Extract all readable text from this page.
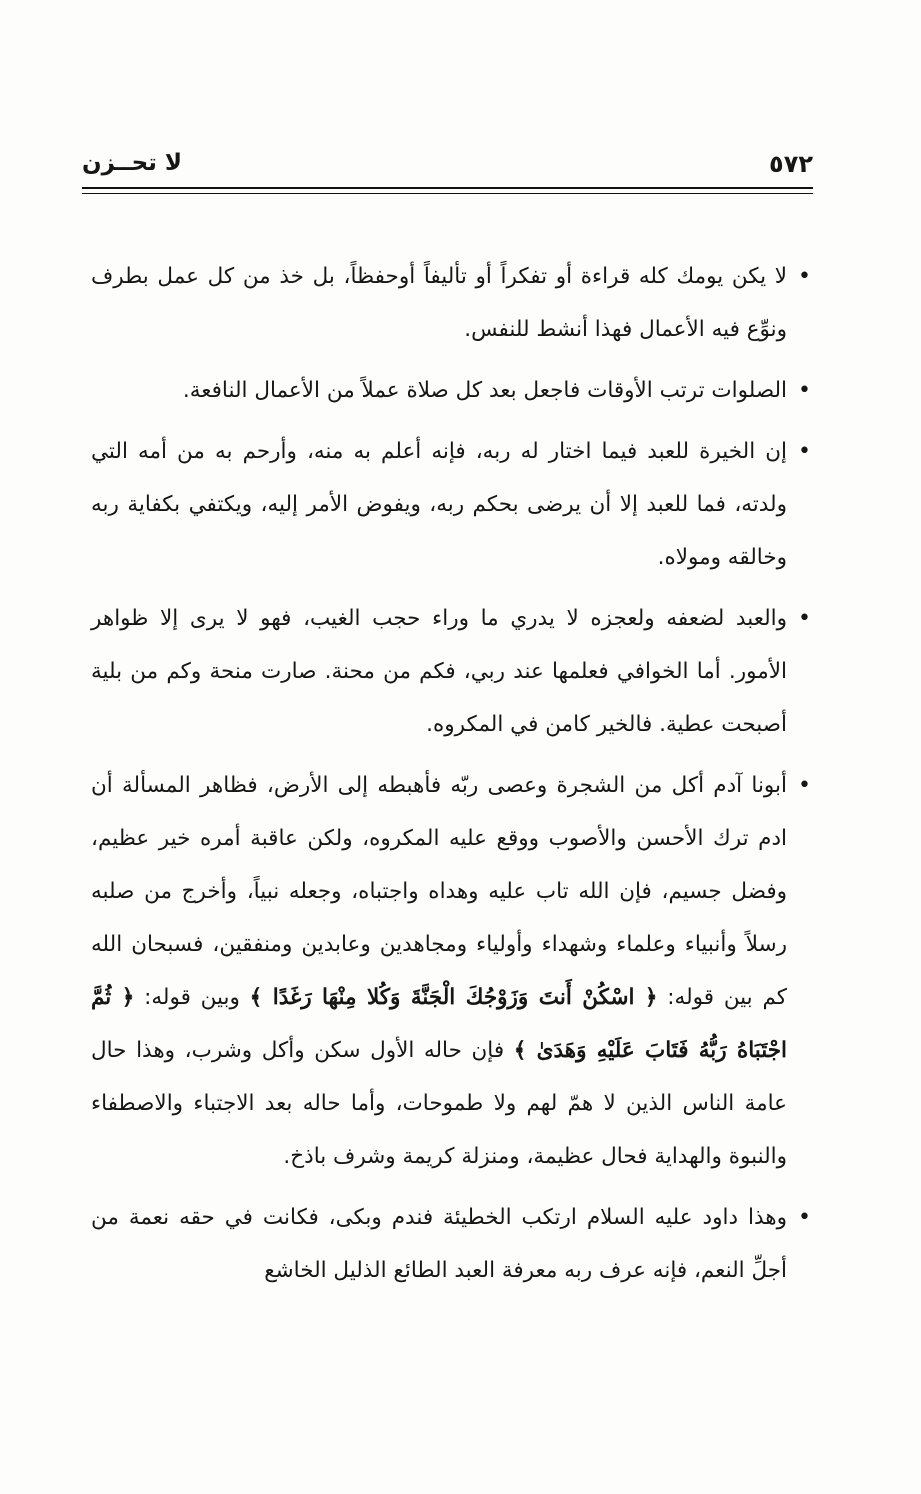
٥٧٢
لا تحــزن

•
لا يكن يومك كله قراءة أو تفكراً أو تأليفاً أوحفظاً، بل خذ من كل عمل بطرف ونوِّع فيه الأعمال فهذا أنشط للنفس.

•
الصلوات ترتب الأوقات فاجعل بعد كل صلاة عملاً من الأعمال النافعة.

•
إن الخيرة للعبد فيما اختار له ربه، فإنه أعلم به منه، وأرحم به من أمه التي ولدته، فما للعبد إلا أن يرضى بحكم ربه، ويفوض الأمر إليه، ويكتفي بكفاية ربه وخالقه ومولاه.

•
والعبد لضعفه ولعجزه لا يدري ما وراء حجب الغيب، فهو لا يرى إلا ظواهر الأمور. أما الخوافي فعلمها عند ربي، فكم من محنة. صارت منحة وكم من بلية أصبحت عطية. فالخير كامن في المكروه.

•
أبونا آدم أكل من الشجرة وعصى ربّه فأهبطه إلى الأرض، فظاهر المسألة أن ادم ترك الأحسن والأصوب ووقع عليه المكروه، ولكن عاقبة أمره خير عظيم، وفضل جسيم، فإن الله تاب عليه وهداه واجتباه، وجعله نبياً، وأخرج من صلبه رسلاً وأنبياء وعلماء وشهداء وأولياء ومجاهدين وعابدين ومنفقين، فسبحان الله كم بين قوله: ﴿ اسْكُنْ أَنتَ وَزَوْجُكَ الْجَنَّةَ وَكُلا مِنْهَا رَغَدًا ﴾ وبين قوله: ﴿ ثُمَّ اجْتَبَاهُ رَبُّهُ فَتَابَ عَلَيْهِ وَهَدَىٰ ﴾ فإن حاله الأول سكن وأكل وشرب، وهذا حال عامة الناس الذين لا همّ لهم ولا طموحات، وأما حاله بعد الاجتباء والاصطفاء والنبوة والهداية فحال عظيمة، ومنزلة كريمة وشرف باذخ.

•
وهذا داود عليه السلام ارتكب الخطيئة فندم وبكى، فكانت في حقه نعمة من أجلِّ النعم، فإنه عرف ربه معرفة العبد الطائع الذليل الخاشع
